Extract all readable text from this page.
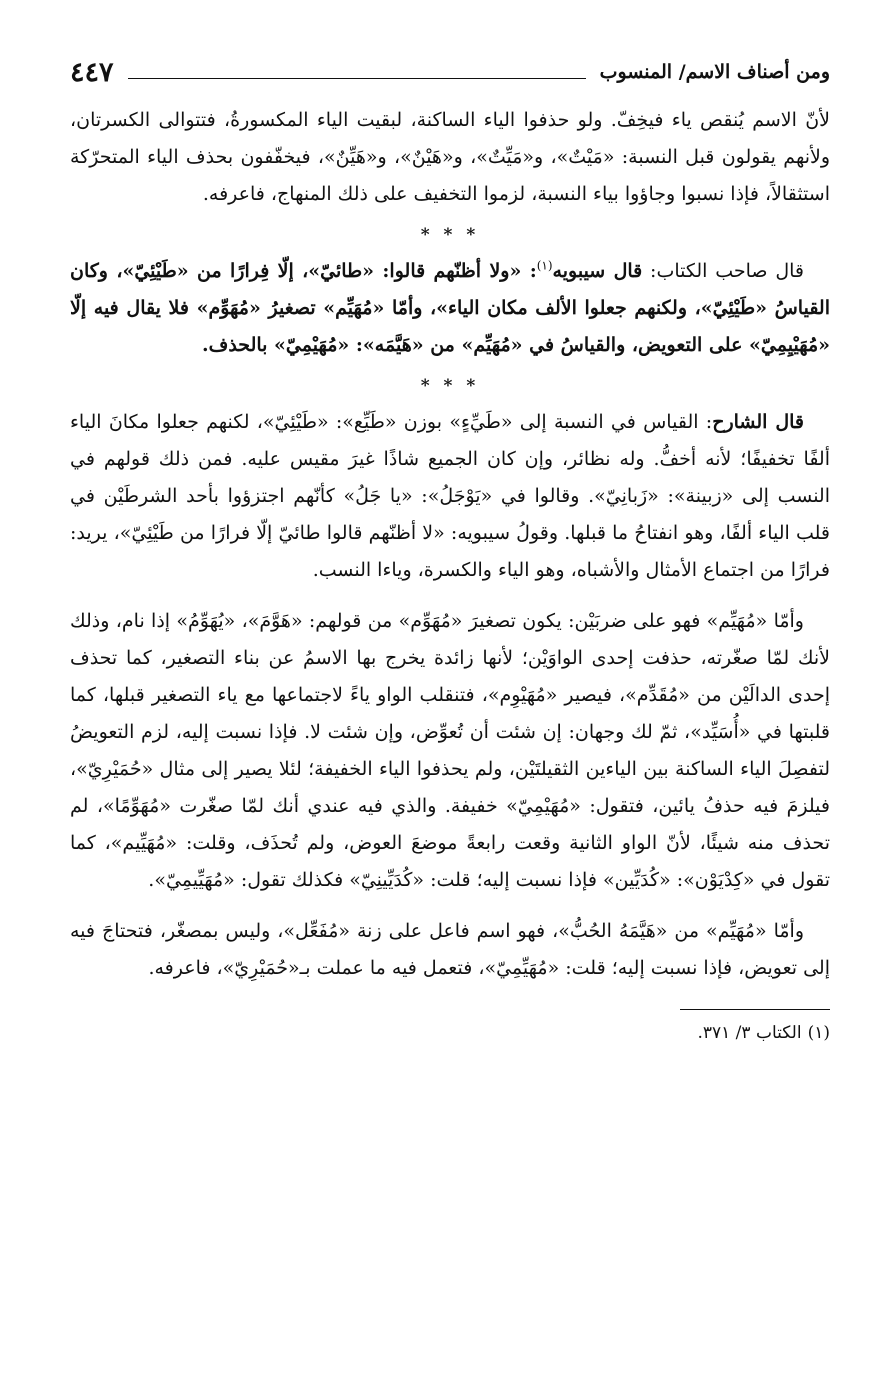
ومن أصناف الاسم/ المنسوب
٤٤٧

لأنّ الاسم يُنقص ياء فيخِفّ. ولو حذفوا الياء الساكنة، لبقيت الياء المكسورةُ، فتتوالى الكسرتان، ولأنهم يقولون قبل النسبة: «مَيْتٌ»، و«مَيِّتٌ»، و«هَيْنٌ»، و«هَيِّنٌ»، فيخفّفون بحذف الياء المتحرّكة استثقالاً، فإذا نسبوا وجاؤوا بياء النسبة، لزموا التخفيف على ذلك المنهاج، فاعرفه.

* * *

قال صاحب الكتاب: قال سيبويه$^{(١)}$: «ولا أظنّهم قالوا: «طائيّ»، إلّا فِرارًا من «طَيْئِيّ»، وكان القياسُ «طَيْئِيّ»، ولكنهم جعلوا الألف مكان الياء»، وأمّا «مُهَيِّم» تصغيرُ «مُهَوِّم» فلا يقال فيه إلّا «مُهَيْيِمِيّ» على التعويض، والقياسُ في «مُهَيِّم» من «هَيَّمَه»: «مُهَيْمِيّ» بالحذف.

* * *

قال الشارح: القياس في النسبة إلى «طَيِّءٍ» بوزن «طَيِّع»: «طَيْئِيّ»، لكنهم جعلوا مكانَ الياء ألفًا تخفيفًا؛ لأنه أخفُّ. وله نظائر، وإن كان الجميع شاذًا غيرَ مقيس عليه. فمن ذلك قولهم في النسب إلى «زبينة»: «زَبانِيّ». وقالوا في «يَوْجَلُ»: «يا جَلُ» كأنّهم اجتزؤوا بأحد الشرطَيْن في قلب الياء ألفًا، وهو انفتاحُ ما قبلها. وقولُ سيبويه: «لا أظنّهم قالوا طائيّ إلّا فرارًا من طَيْئِيّ»، يريد: فرارًا من اجتماع الأمثال والأشباه، وهو الياء والكسرة، وياءا النسب.

وأمّا «مُهَيِّم» فهو على ضربَيْن: يكون تصغيرَ «مُهَوِّم» من قولهم: «هَوَّمَ»، «يُهَوِّمُ» إذا نام، وذلك لأنك لمّا صغّرته، حذفت إحدى الواوَيْن؛ لأنها زائدة يخرج بها الاسمُ عن بناء التصغير، كما تحذف إحدى الدالَيْن من «مُقَدِّم»، فيصير «مُهَيْوِم»، فتنقلب الواو ياءً لاجتماعها مع ياء التصغير قبلها، كما قلبتها في «أُسَيِّد»، ثمّ لك وجهان: إن شئت أن تُعوِّض، وإن شئت لا. فإذا نسبت إليه، لزم التعويضُ لتفصِلَ الياء الساكنة بين الياءين الثقيلتَيْن، ولم يحذفوا الياء الخفيفة؛ لئلا يصير إلى مثال «حُمَيْرِيّ»، فيلزمَ فيه حذفُ يائين، فتقول: «مُهَيْمِيّ» خفيفة. والذي فيه عندي أنك لمّا صغّرت «مُهَوِّمًا»، لم تحذف منه شيئًا، لأنّ الواو الثانية وقعت رابعةً موضعَ العوض، ولم تُحذَف، وقلت: «مُهَيِّيم»، كما تقول في «كِدْيَوْن»: «كُدَيِّين» فإذا نسبت إليه؛ قلت: «كُدَيِّينِيّ» فكذلك تقول: «مُهَيِّيمِيّ».

وأمّا «مُهَيِّم» من «هَيَّمَهُ الحُبُّ»، فهو اسم فاعل على زنة «مُفَعِّل»، وليس بمصغّر، فتحتاجَ فيه إلى تعويض، فإذا نسبت إليه؛ قلت: «مُهَيِّمِيّ»، فتعمل فيه ما عملت بـ«حُمَيْرِيّ»، فاعرفه.

(١)الكتاب ٣/ ٣٧١.
